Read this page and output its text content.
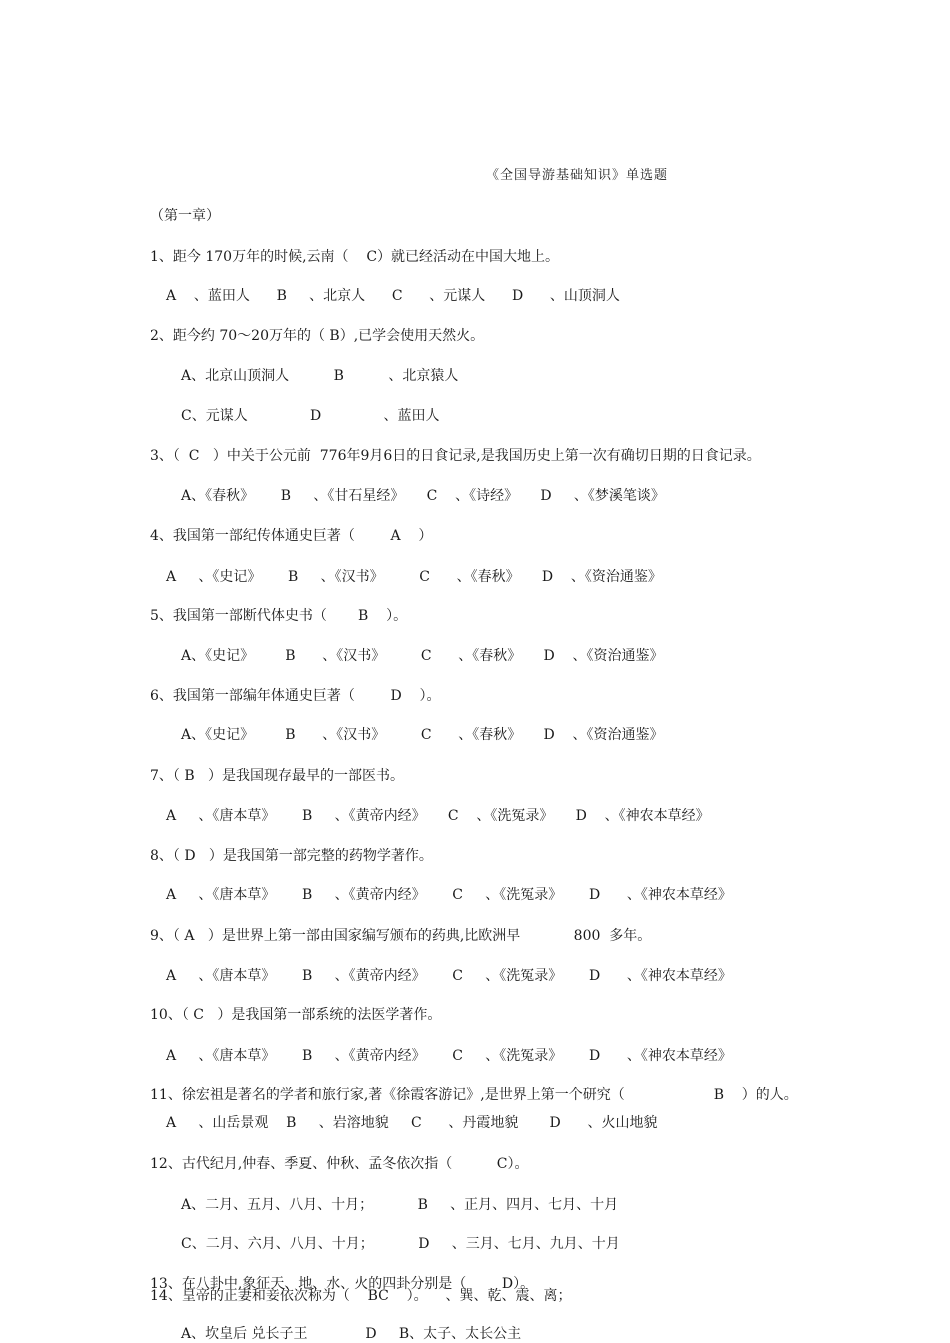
《全国导游基础知识》单选题
（第一章）
1、距今 170万年的时候,云南（    C）就已经活动在中国大地上。
A    、蓝田人      B     、北京人      C      、元谋人      D      、山顶洞人
2、距今约 70～20万年的（ B）,已学会使用天然火。
A、北京山顶洞人          B          、北京猿人
C、元谋人              D              、蓝田人
3、（  C   ）中关于公元前  776年9月6日的日食记录,是我国历史上第一次有确切日期的日食记录。
A、《春秋》      B     、《甘石星经》     C    、《诗经》     D     、《梦溪笔谈》
4、我国第一部纪传体通史巨著（        A    ）
A     、《史记》      B     、《汉书》        C      、《春秋》     D    、《资治通鉴》
5、我国第一部断代体史书（       B    ）。
A、《史记》       B      、《汉书》        C      、《春秋》     D    、《资治通鉴》
6、我国第一部编年体通史巨著（        D    ）。
A、《史记》       B      、《汉书》        C      、《春秋》     D    、《资治通鉴》
7、（ B   ）是我国现存最早的一部医书。
A     、《唐本草》      B     、《黄帝内经》     C    、《洗冤录》     D    、《神农本草经》
8、（ D   ）是我国第一部完整的药物学著作。
A     、《唐本草》      B     、《黄帝内经》      C     、《洗冤录》      D      、《神农本草经》
9、（ A   ）是世界上第一部由国家编写颁布的药典,比欧洲早            800  多年。
A     、《唐本草》      B     、《黄帝内经》      C     、《洗冤录》      D      、《神农本草经》
10、（ C   ）是我国第一部系统的法医学著作。
A     、《唐本草》      B     、《黄帝内经》      C     、《洗冤录》      D      、《神农本草经》
11、徐宏祖是著名的学者和旅行家,著《徐霞客游记》,是世界上第一个研究（                    B    ）的人。
A     、山岳景观    B     、岩溶地貌     C      、丹霞地貌       D      、火山地貌
12、古代纪月,仲春、季夏、仲秋、孟冬依次指（          C）。
A、二月、五月、八月、十月；          B     、正月、四月、七月、十月
C、二月、六月、八月、十月；          D     、三月、七月、九月、十月
13、在八卦中,象征天、地、水、火的四卦分别是（        D）。
14、皇帝的正妻和妾依次称为（    BC    ）。    、巽、乾、震、离；
A、坎皇后 兑长子王             D     B、太子、太长公主
